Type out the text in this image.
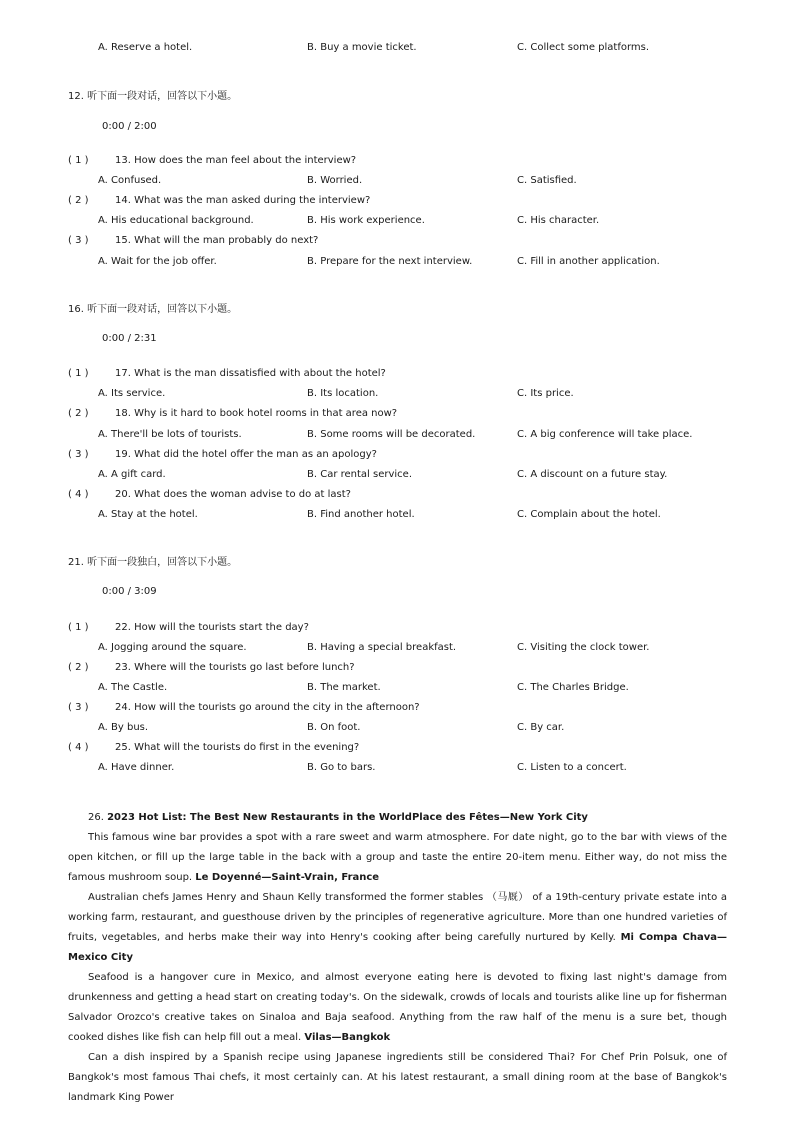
A. Reserve a hotel.	B. Buy a movie ticket.	C. Collect some platforms.
12. 听下面一段对话，回答以下小题。
0:00 / 2:00
( 1 )	13. How does the man feel about the interview?
A. Confused.	B. Worried.	C. Satisfied.
( 2 )	14. What was the man asked during the interview?
A. His educational background.	B. His work experience.	C. His character.
( 3 )	15. What will the man probably do next?
A. Wait for the job offer.	B. Prepare for the next interview.	C. Fill in another application.
16. 听下面一段对话，回答以下小题。
0:00 / 2:31
( 1 )	17. What is the man dissatisfied with about the hotel?
A. Its service.	B. Its location.	C. Its price.
( 2 )	18. Why is it hard to book hotel rooms in that area now?
A. There'll be lots of tourists.	B. Some rooms will be decorated.	C. A big conference will take place.
( 3 )	19. What did the hotel offer the man as an apology?
A. A gift card.	B. Car rental service.	C. A discount on a future stay.
( 4 )	20. What does the woman advise to do at last?
A. Stay at the hotel.	B. Find another hotel.	C. Complain about the hotel.
21. 听下面一段独白，回答以下小题。
0:00 / 3:09
( 1 )	22. How will the tourists start the day?
A. Jogging around the square.	B. Having a special breakfast.	C. Visiting the clock tower.
( 2 )	23. Where will the tourists go last before lunch?
A. The Castle.	B. The market.	C. The Charles Bridge.
( 3 )	24. How will the tourists go around the city in the afternoon?
A. By bus.	B. On foot.	C. By car.
( 4 )	25. What will the tourists do first in the evening?
A. Have dinner.	B. Go to bars.	C. Listen to a concert.

26. 2023 Hot List: The Best New Restaurants in the WorldPlace des Fêtes—New York City

This famous wine bar provides a spot with a rare sweet and warm atmosphere. For date night, go to the bar with views of the open kitchen, or fill up the large table in the back with a group and taste the entire 20-item menu. Either way, do not miss the famous mushroom soup. Le Doyenné—Saint-Vrain, France

Australian chefs James Henry and Shaun Kelly transformed the former stables （马厩） of a 19th-century private estate into a working farm, restaurant, and guesthouse driven by the principles of regenerative agriculture. More than one hundred varieties of fruits, vegetables, and herbs make their way into Henry's cooking after being carefully nurtured by Kelly. Mi Compa Chava—Mexico City

Seafood is a hangover cure in Mexico, and almost everyone eating here is devoted to fixing last night's damage from drunkenness and getting a head start on creating today's. On the sidewalk, crowds of locals and tourists alike line up for fisherman Salvador Orozco's creative takes on Sinaloa and Baja seafood. Anything from the raw half of the menu is a sure bet, though cooked dishes like fish can help fill out a meal. Vilas—Bangkok

Can a dish inspired by a Spanish recipe using Japanese ingredients still be considered Thai? For Chef Prin Polsuk, one of Bangkok's most famous Thai chefs, it most certainly can. At his latest restaurant, a small dining room at the base of Bangkok's landmark King Power
